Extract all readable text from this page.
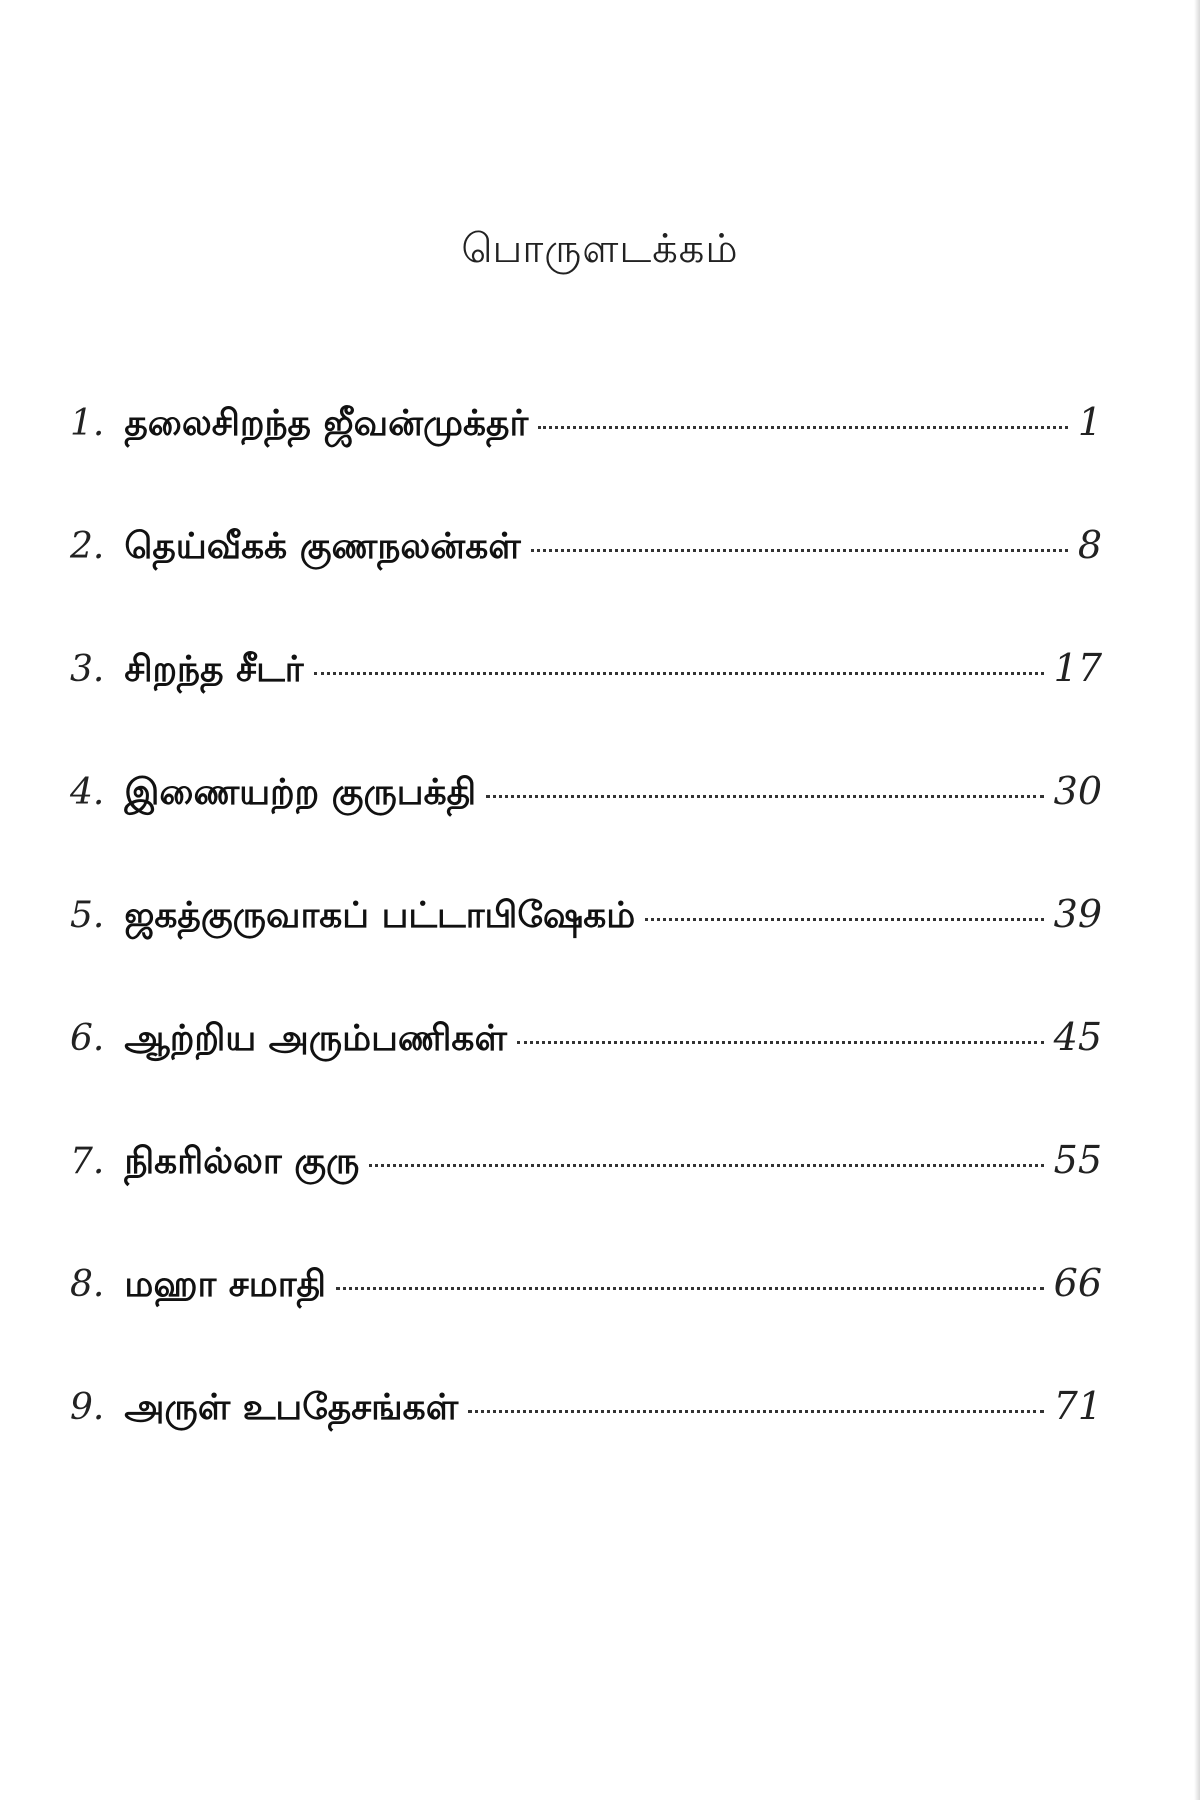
பொருளடக்கம்
1. தலைசிறந்த ஜீவன்முக்தர்	1
2. தெய்வீகக் குணநலன்கள்	8
3. சிறந்த சீடர்	17
4. இணையற்ற குருபக்தி	30
5. ஜகத்குருவாகப் பட்டாபிஷேகம்	39
6. ஆற்றிய அரும்பணிகள்	45
7. நிகரில்லா குரு	55
8. மஹா சமாதி	66
9. அருள் உபதேசங்கள்	71
